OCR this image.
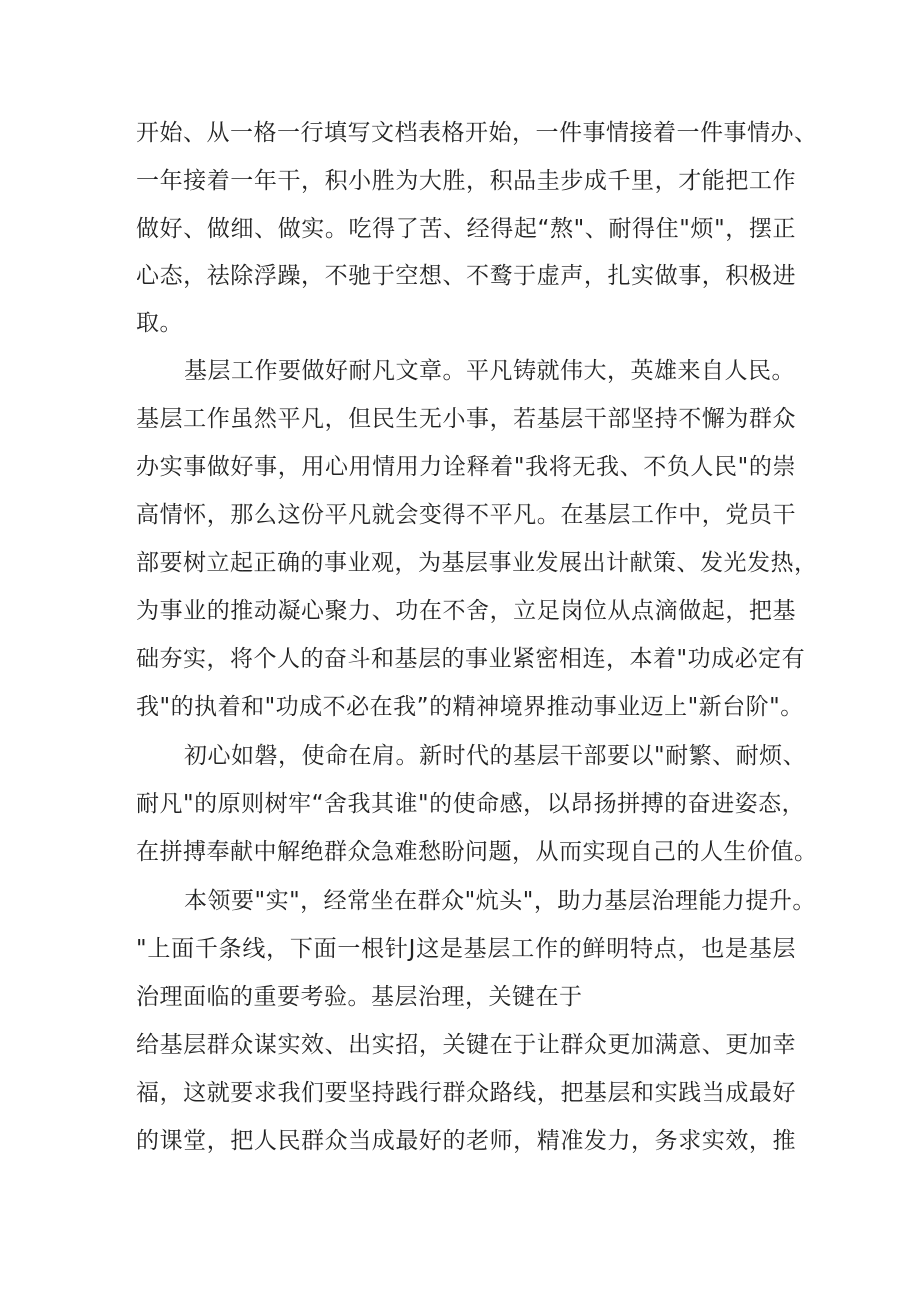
开始、从一格一行填写文档表格开始，一件事情接着一件事情办、
一年接着一年干，积小胜为大胜，积品圭步成千里，才能把工作
做好、做细、做实。吃得了苦、经得起“熬"、耐得住"烦"，摆正
心态，祛除浮躁，不驰于空想、不鹜于虚声，扎实做事，积极进
取。
基层工作要做好耐凡文章。平凡铸就伟大，英雄来自人民。
基层工作虽然平凡，但民生无小事，若基层干部坚持不懈为群众
办实事做好事，用心用情用力诠释着"我将无我、不负人民"的崇
高情怀，那么这份平凡就会变得不平凡。在基层工作中，党员干
部要树立起正确的事业观，为基层事业发展出计献策、发光发热，
为事业的推动凝心聚力、功在不舍，立足岗位从点滴做起，把基
础夯实，将个人的奋斗和基层的事业紧密相连，本着"功成必定有
我"的执着和"功成不必在我”的精神境界推动事业迈上"新台阶"。
初心如磐，使命在肩。新时代的基层干部要以"耐繁、耐烦、
耐凡"的原则树牢“舍我其谁"的使命感，以昂扬拼搏的奋进姿态，
在拼搏奉献中解绝群众急难愁盼问题，从而实现自己的人生价值。
本领要"实"，经常坐在群众"炕头"，助力基层治理能力提升。
"上面千条线，下面一根针J这是基层工作的鲜明特点，也是基层
治理面临的重要考验。基层治理，关键在于
给基层群众谋实效、出实招，关键在于让群众更加满意、更加幸
福，这就要求我们要坚持践行群众路线，把基层和实践当成最好
的课堂，把人民群众当成最好的老师，精准发力，务求实效，推
